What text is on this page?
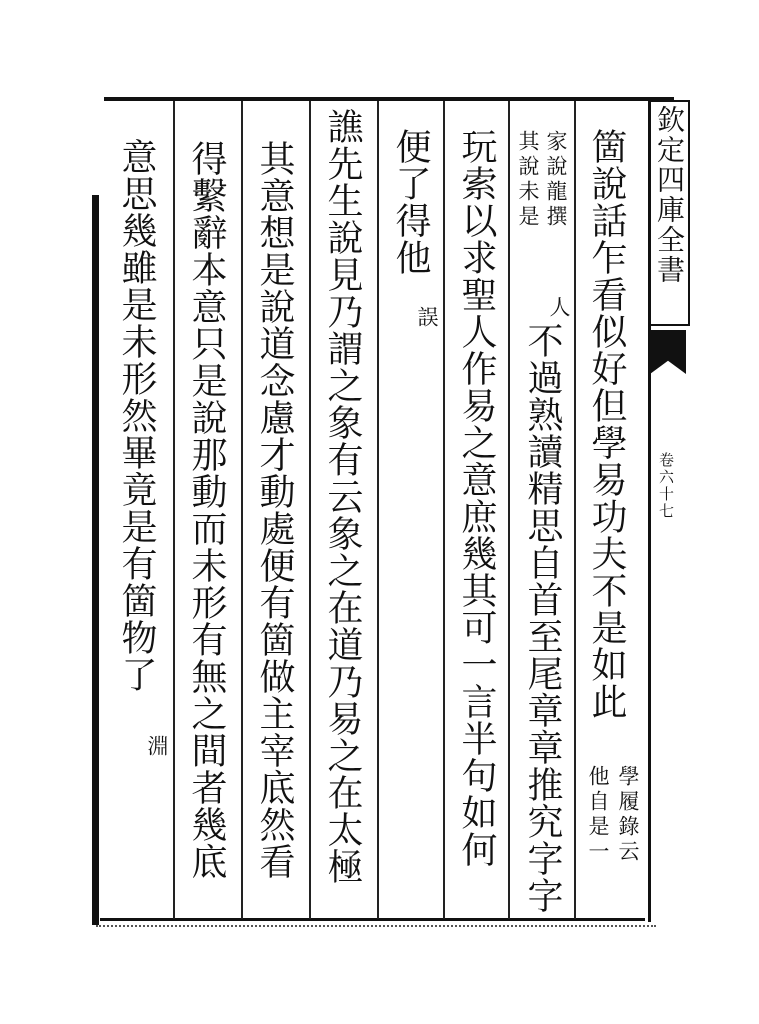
欽定四庫全書
卷六十七
箇說話乍看似好但學易功夫不是如此
學履錄云
他自是一
家說龍撰
其說未是
人
不過熟讀精思自首至尾章章推究字字
玩索以求聖人作易之意庶幾其可一言半句如何
便了得他
誤
譙先生說見乃謂之象有云象之在道乃易之在太極
其意想是說道念慮才動處便有箇做主宰底然看
得繫辭本意只是說那動而未形有無之間者幾底
意思幾雖是未形然畢竟是有箇物了
淵
